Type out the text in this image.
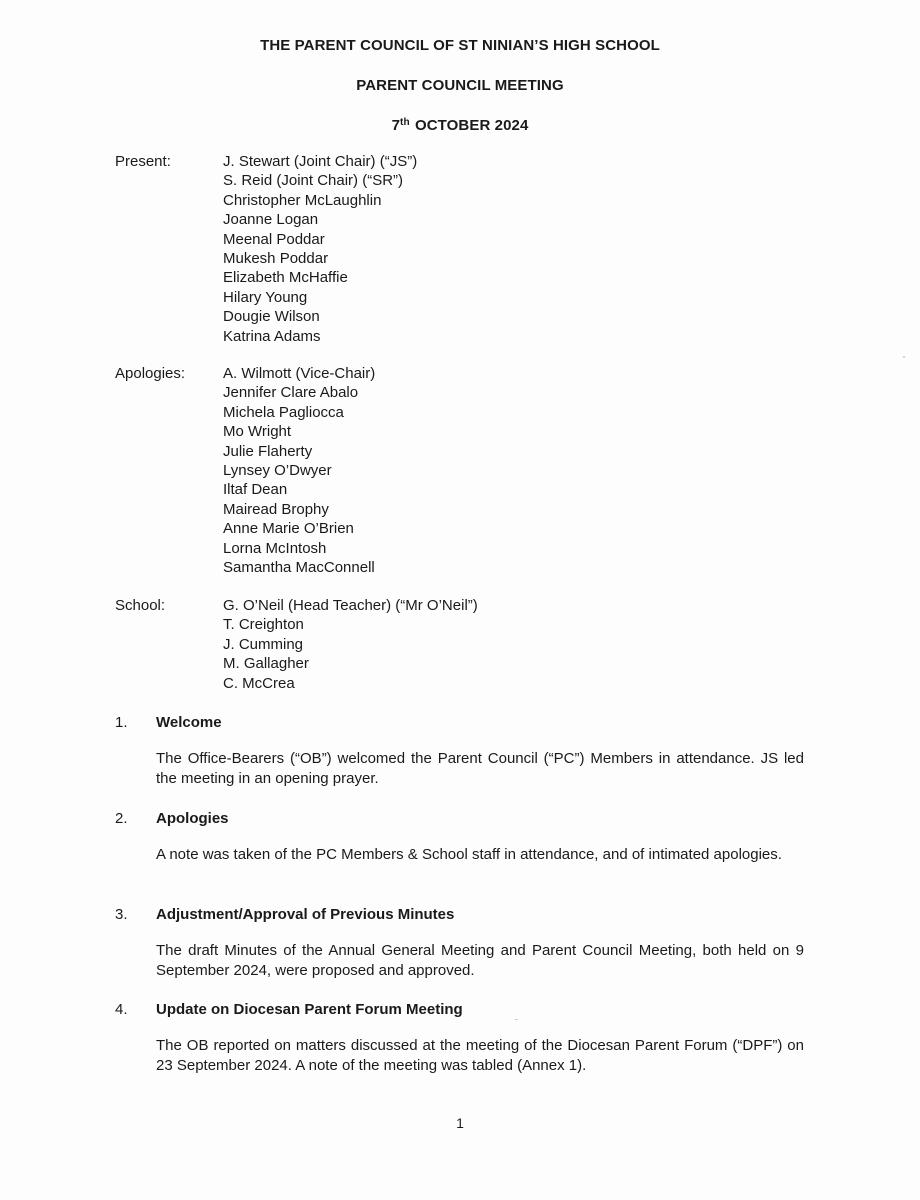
THE PARENT COUNCIL OF ST NINIAN’S HIGH SCHOOL
PARENT COUNCIL MEETING
7th OCTOBER 2024
Present:	J. Stewart (Joint Chair) (“JS”)
S. Reid (Joint Chair) (“SR”)
Christopher McLaughlin
Joanne Logan
Meenal Poddar
Mukesh Poddar
Elizabeth McHaffie
Hilary Young
Dougie Wilson
Katrina Adams
Apologies:	A. Wilmott (Vice-Chair)
Jennifer Clare Abalo
Michela Pagliocca
Mo Wright
Julie Flaherty
Lynsey O’Dwyer
Iltaf Dean
Mairead Brophy
Anne Marie O’Brien
Lorna McIntosh
Samantha MacConnell
School:	G. O’Neil (Head Teacher) (“Mr O’Neil”)
T. Creighton
J. Cumming
M. Gallagher
C. McCrea
1. Welcome
The Office-Bearers (“OB”) welcomed the Parent Council (“PC”) Members in attendance. JS led the meeting in an opening prayer.
2. Apologies
A note was taken of the PC Members & School staff in attendance, and of intimated apologies.
3. Adjustment/Approval of Previous Minutes
The draft Minutes of the Annual General Meeting and Parent Council Meeting, both held on 9 September 2024, were proposed and approved.
4. Update on Diocesan Parent Forum Meeting
The OB reported on matters discussed at the meeting of the Diocesan Parent Forum (“DPF”) on 23 September 2024. A note of the meeting was tabled (Annex 1).
1
